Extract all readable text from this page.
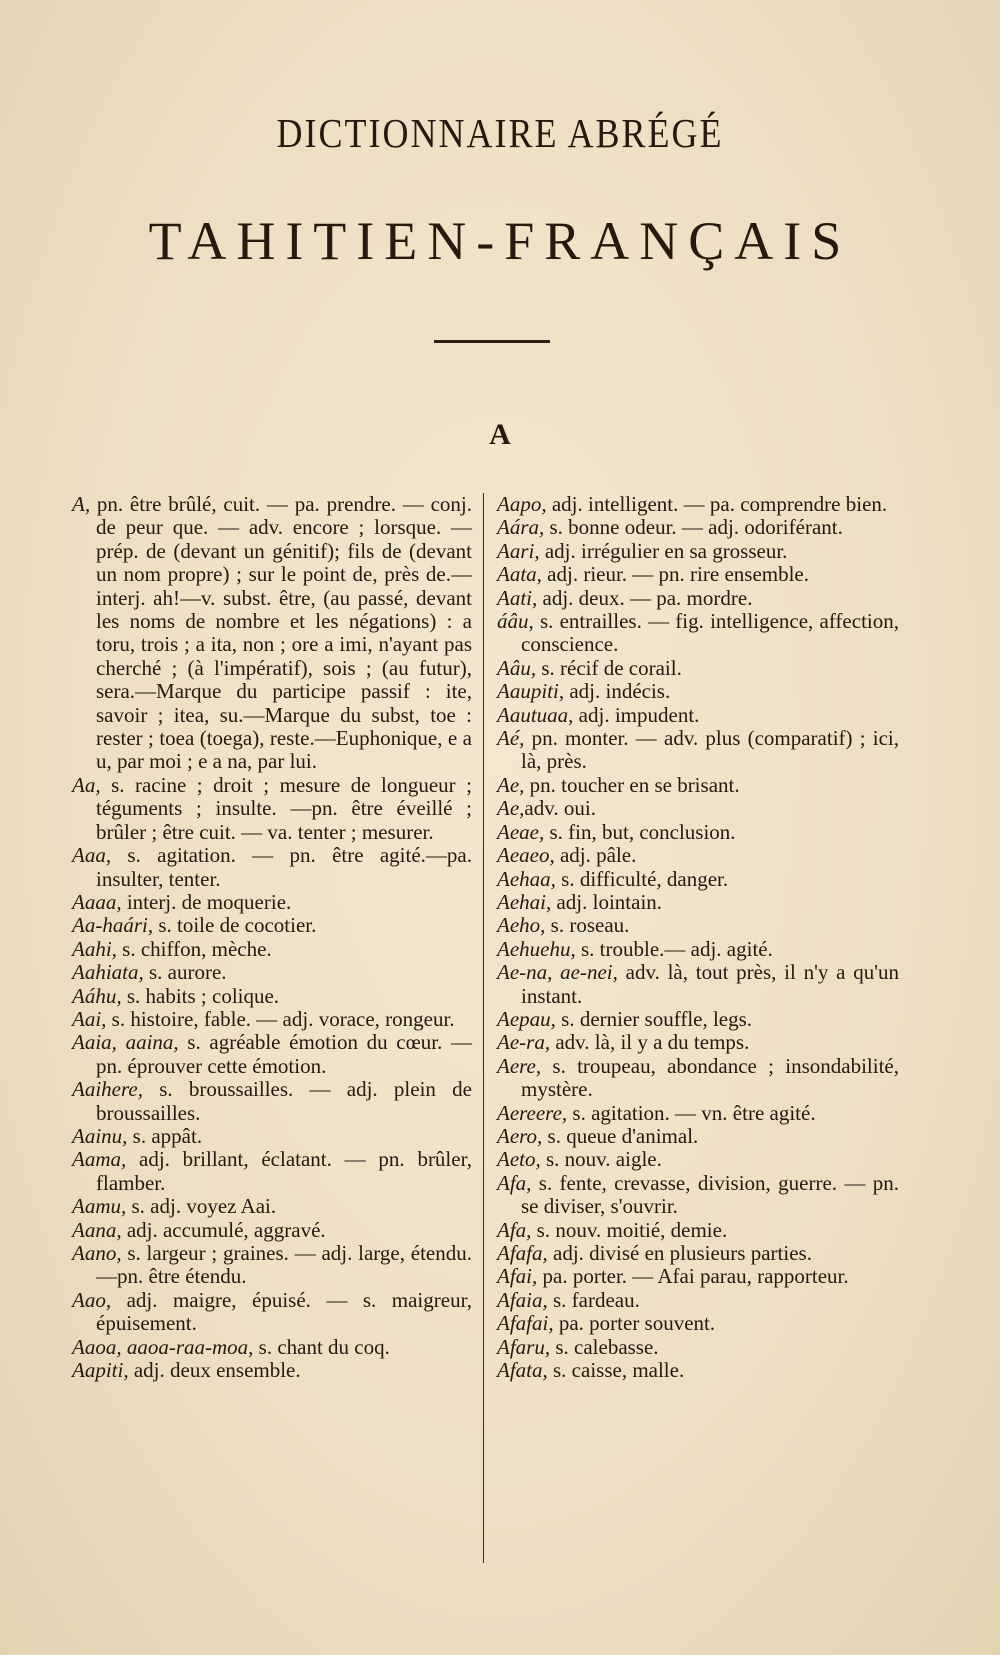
DICTIONNAIRE ABRÉGÉ
TAHITIEN-FRANÇAIS
A
A, pn. être brûlé, cuit. — pa. prendre. — conj. de peur que. — adv. encore ; lorsque. — prép. de (devant un génitif); fils de (devant un nom propre) ; sur le point de, près de.—interj. ah!—v. subst. être, (au passé, devant les noms de nombre et les négations) : a toru, trois ; a ita, non ; ore a imi, n'ayant pas cherché ; (à l'impératif), sois ; (au futur), sera.—Marque du participe passif : ite, savoir ; itea, su.—Marque du subst, toe : rester ; toea (toega), reste.—Euphonique, e a u, par moi ; e a na, par lui.
Aa, s. racine ; droit ; mesure de longueur ; téguments ; insulte. —pn. être éveillé ; brûler ; être cuit. — va. tenter ; mesurer.
Aaa, s. agitation. — pn. être agité.—pa. insulter, tenter.
Aaaa, interj. de moquerie.
Aa-haári, s. toile de cocotier.
Aahi, s. chiffon, mèche.
Aahiata, s. aurore.
Aáhu, s. habits ; colique.
Aai, s. histoire, fable. — adj. vorace, rongeur.
Aaia, aaina, s. agréable émotion du cœur. — pn. éprouver cette émotion.
Aaihere, s. broussailles. — adj. plein de broussailles.
Aainu, s. appât.
Aama, adj. brillant, éclatant. — pn. brûler, flamber.
Aamu, s. adj. voyez Aai.
Aana, adj. accumulé, aggravé.
Aano, s. largeur ; graines. — adj. large, étendu.—pn. être étendu.
Aao, adj. maigre, épuisé. — s. maigreur, épuisement.
Aaoa, aaoa-raa-moa, s. chant du coq.
Aapiti, adj. deux ensemble.
Aapo, adj. intelligent. — pa. comprendre bien.
Aára, s. bonne odeur. — adj. odoriférant.
Aari, adj. irrégulier en sa grosseur.
Aata, adj. rieur. — pn. rire ensemble.
Aati, adj. deux. — pa. mordre.
áâu, s. entrailles. — fig. intelligence, affection, conscience.
Aâu, s. récif de corail.
Aaupiti, adj. indécis.
Aautuaa, adj. impudent.
Aé, pn. monter. — adv. plus (comparatif) ; ici, là, près.
Ae, pn. toucher en se brisant.
Ae,adv. oui.
Aeae, s. fin, but, conclusion.
Aeaeo, adj. pâle.
Aehaa, s. difficulté, danger.
Aehai, adj. lointain.
Aeho, s. roseau.
Aehuehu, s. trouble.— adj. agité.
Ae-na, ae-nei, adv. là, tout près, il n'y a qu'un instant.
Aepau, s. dernier souffle, legs.
Ae-ra, adv. là, il y a du temps.
Aere, s. troupeau, abondance ; insondabilité, mystère.
Aereere, s. agitation. — vn. être agité.
Aero, s. queue d'animal.
Aeto, s. nouv. aigle.
Afa, s. fente, crevasse, division, guerre. — pn. se diviser, s'ouvrir.
Afa, s. nouv. moitié, demie.
Afafa, adj. divisé en plusieurs parties.
Afai, pa. porter. — Afai parau, rapporteur.
Afaia, s. fardeau.
Afafai, pa. porter souvent.
Afaru, s. calebasse.
Afata, s. caisse, malle.
